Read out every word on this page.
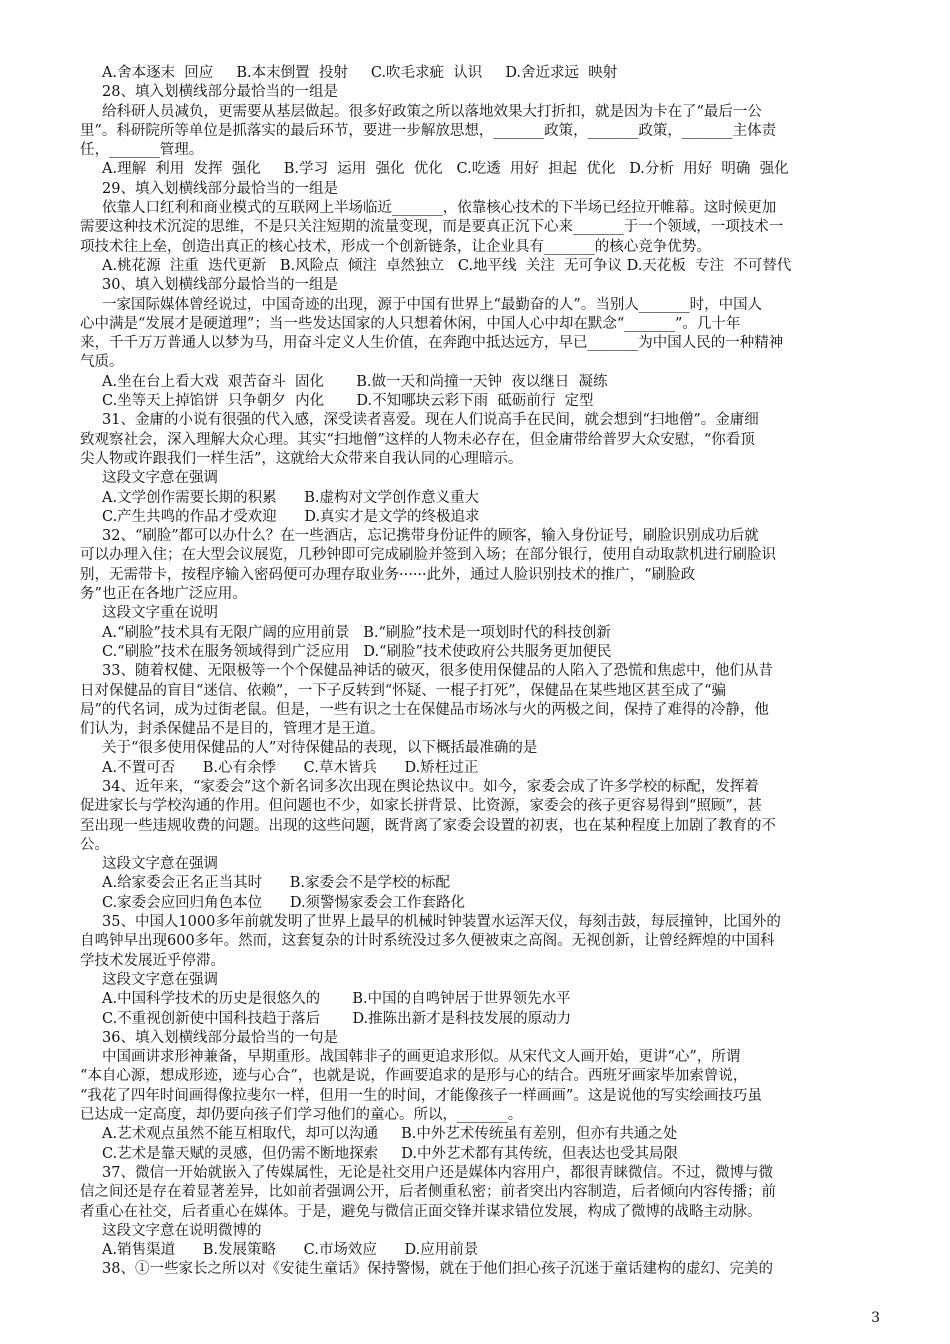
A.舍本逐末  回应     B.本末倒置  投射     C.吹毛求疵  认识     D.舍近求远  映射
28、填入划横线部分最恰当的一组是
给科研人员减负，更需要从基层做起。很多好政策之所以落地效果大打折扣，就是因为卡在了“最后一公
里”。科研院所等单位是抓落实的最后环节，要进一步解放思想，_______政策，_______政策，_______主体责
任，_______管理。
A.理解  利用  发挥  强化     B.学习  运用  强化  优化   C.吃透  用好  担起  优化   D.分析  用好  明确  强化
29、填入划横线部分最恰当的一组是
依靠人口红利和商业模式的互联网上半场临近_______，依靠核心技术的下半场已经拉开帷幕。这时候更加
需要这种技术沉淀的思维，不是只关注短期的流量变现，而是要真正沉下心来_______于一个领域，一项技术一
项技术往上垒，创造出真正的核心技术，形成一个创新链条，让企业具有_______的核心竞争优势。
A.桃花源  注重  迭代更新   B.风险点  倾注  卓然独立   C.地平线  关注  无可争议 D.天花板  专注  不可替代
30、填入划横线部分最恰当的一组是
一家国际媒体曾经说过，中国奇迹的出现，源于中国有世界上“最勤奋的人”。当别人_______时，中国人
心中满是“发展才是硬道理”；当一些发达国家的人只想着休闲，中国人心中却在默念“_______”。几十年
来，千千万万普通人以梦为马，用奋斗定义人生价值，在奔跑中抵达远方，早已_______为中国人民的一种精神
气质。
A.坐在台上看大戏  艰苦奋斗  固化       B.做一天和尚撞一天钟  夜以继日  凝练
C.坐等天上掉馅饼  只争朝夕  内化       D.不知哪块云彩下雨  砥砺前行  定型
31、金庸的小说有很强的代入感，深受读者喜爱。现在人们说高手在民间，就会想到“扫地僧”。金庸细
致观察社会，深入理解大众心理。其实“扫地僧”这样的人物未必存在，但金庸带给普罗大众安慰，“你看顶
尖人物或许跟我们一样生活”，这就给大众带来自我认同的心理暗示。
这段文字意在强调
A.文学创作需要长期的积累      B.虚构对文学创作意义重大
C.产生共鸣的作品才受欢迎      D.真实才是文学的终极追求
32、“刷脸”都可以办什么？在一些酒店，忘记携带身份证件的顾客，输入身份证号，刷脸识别成功后就
可以办理入住；在大型会议展览，几秒钟即可完成刷脸并签到入场；在部分银行，使用自动取款机进行刷脸识
别，无需带卡，按程序输入密码便可办理存取业务······此外，通过人脸识别技术的推广，“刷脸政
务”也正在各地广泛应用。
这段文字重在说明
A.“刷脸”技术具有无限广阔的应用前景   B.“刷脸”技术是一项划时代的科技创新
C.“刷脸”技术在服务领域得到广泛应用   D.“刷脸”技术使政府公共服务更加便民
33、随着权健、无限极等一个个保健品神话的破灭，很多使用保健品的人陷入了恐慌和焦虑中，他们从昔
日对保健品的盲目“迷信、依赖”，一下子反转到“怀疑、一棍子打死”，保健品在某些地区甚至成了“骗
局”的代名词，成为过街老鼠。但是，一些有识之士在保健品市场冰与火的两极之间，保持了难得的冷静，他
们认为，封杀保健品不是目的，管理才是王道。
关于“很多使用保健品的人”对待保健品的表现，以下概括最准确的是
A.不置可否      B.心有余悸      C.草木皆兵      D.矫枉过正
34、近年来，“家委会”这个新名词多次出现在舆论热议中。如今，家委会成了许多学校的标配，发挥着
促进家长与学校沟通的作用。但问题也不少，如家长拼背景、比资源，家委会的孩子更容易得到“照顾”，甚
至出现一些违规收费的问题。出现的这些问题，既背离了家委会设置的初衷，也在某种程度上加剧了教育的不
公。
这段文字意在强调
A.给家委会正名正当其时      B.家委会不是学校的标配
C.家委会应回归角色本位      D.须警惕家委会工作套路化
35、中国人1000多年前就发明了世界上最早的机械时钟装置水运浑天仪，每刻击鼓，每辰撞钟，比国外的
自鸣钟早出现600多年。然而，这套复杂的计时系统没过多久便被束之高阁。无视创新，让曾经辉煌的中国科
学技术发展近乎停滞。
这段文字意在强调
A.中国科学技术的历史是很悠久的       B.中国的自鸣钟居于世界领先水平
C.不重视创新使中国科技趋于落后       D.推陈出新才是科技发展的原动力
36、填入划横线部分最恰当的一句是
中国画讲求形神兼备，早期重形。战国韩非子的画更追求形似。从宋代文人画开始，更讲“心”，所谓
“本自心源，想成形迹，迹与心合”，也就是说，作画要追求的是形与心的结合。西班牙画家毕加索曾说，
“我花了四年时间画得像拉斐尔一样，但用一生的时间，才能像孩子一样画画”。这是说他的写实绘画技巧虽
已达成一定高度，却仍要向孩子们学习他们的童心。所以，_______。
A.艺术观点虽然不能互相取代，却可以沟通     B.中外艺术传统虽有差别，但亦有共通之处
C.艺术是靠天赋的灵感，但仍需不断地探索     D.中外艺术都有其传统，但表达也受其局限
37、微信一开始就嵌入了传媒属性，无论是社交用户还是媒体内容用户，都很青睐微信。不过，微博与微
信之间还是存在着显著差异，比如前者强调公开，后者侧重私密；前者突出内容制造，后者倾向内容传播；前
者重心在社交，后者重心在媒体。于是，避免与微信正面交锋并谋求错位发展，构成了微博的战略主动脉。
这段文字意在说明微博的
A.销售渠道      B.发展策略      C.市场效应      D.应用前景
38、①一些家长之所以对《安徒生童话》保持警惕，就在于他们担心孩子沉迷于童话建构的虚幻、完美的
3
